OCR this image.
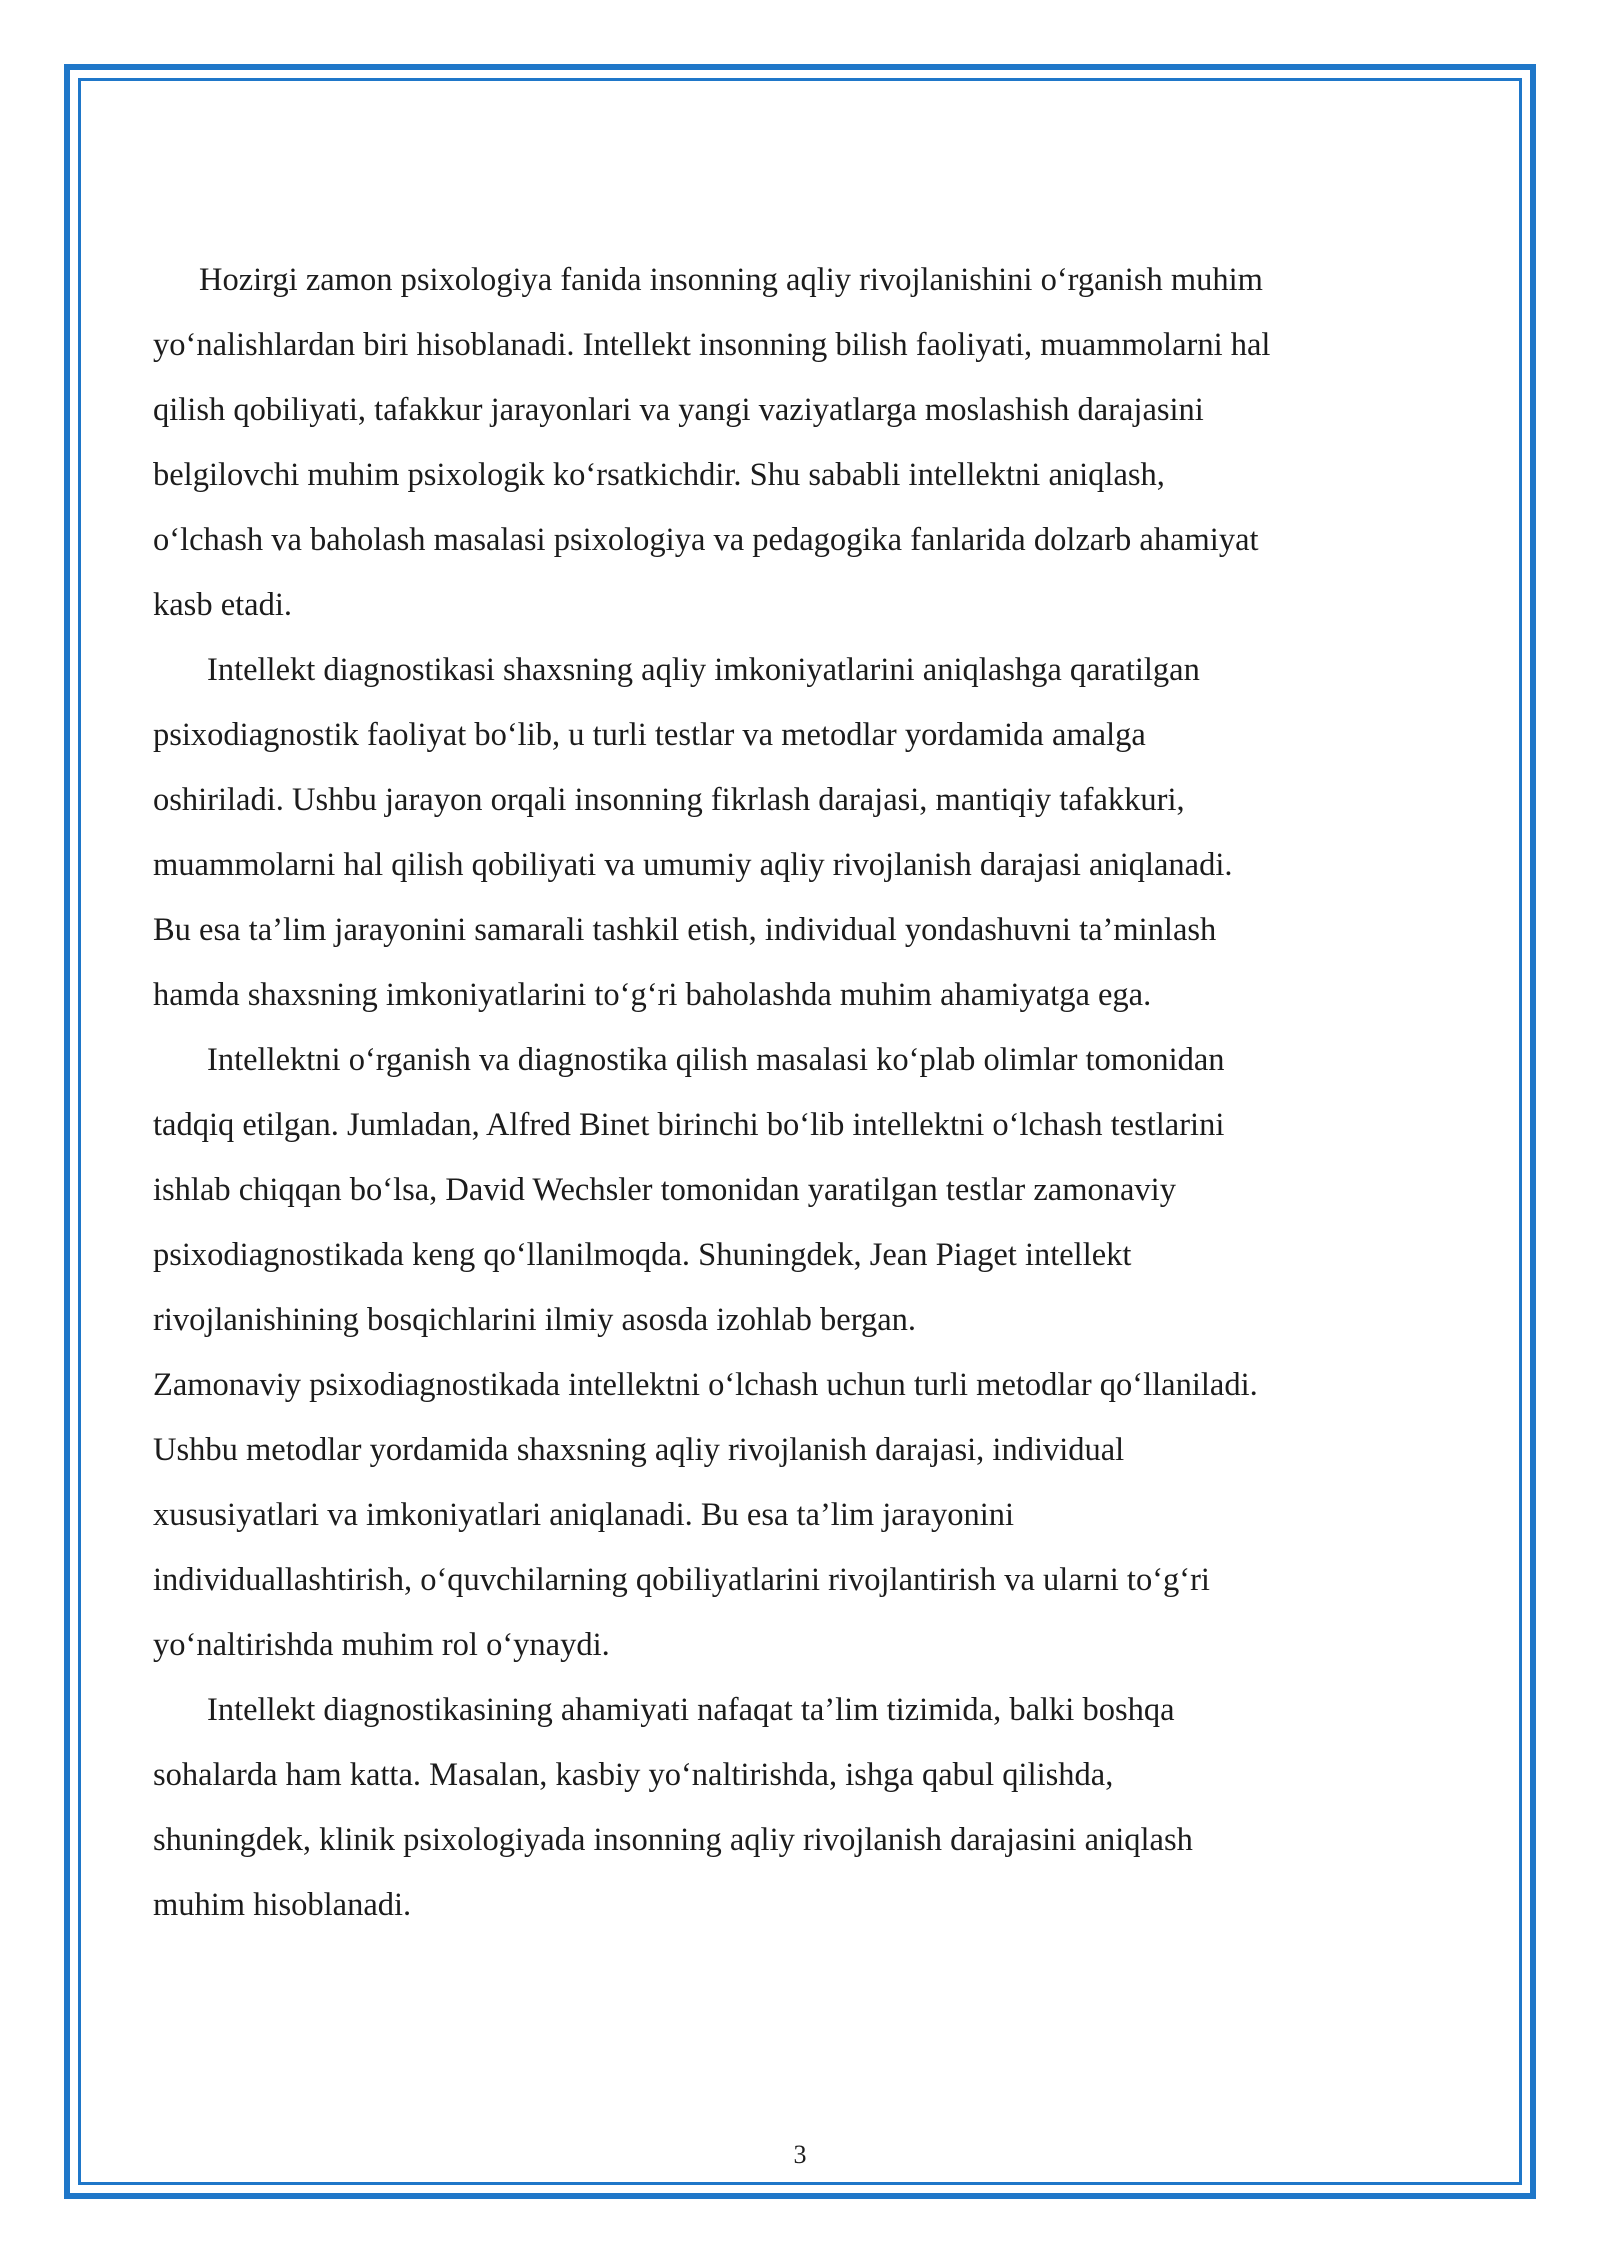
Hozirgi zamon psixologiya fanida insonning aqliy rivojlanishini o‘rganish muhim
yo‘nalishlardan biri hisoblanadi. Intellekt insonning bilish faoliyati, muammolarni hal
qilish qobiliyati, tafakkur jarayonlari va yangi vaziyatlarga moslashish darajasini
belgilovchi muhim psixologik ko‘rsatkichdir. Shu sababli intellektni aniqlash,
o‘lchash va baholash masalasi psixologiya va pedagogika fanlarida dolzarb ahamiyat
kasb etadi.
Intellekt diagnostikasi shaxsning aqliy imkoniyatlarini aniqlashga qaratilgan
psixodiagnostik faoliyat bo‘lib, u turli testlar va metodlar yordamida amalga
oshiriladi. Ushbu jarayon orqali insonning fikrlash darajasi, mantiqiy tafakkuri,
muammolarni hal qilish qobiliyati va umumiy aqliy rivojlanish darajasi aniqlanadi.
Bu esa ta’lim jarayonini samarali tashkil etish, individual yondashuvni ta’minlash
hamda shaxsning imkoniyatlarini to‘g‘ri baholashda muhim ahamiyatga ega.
Intellektni o‘rganish va diagnostika qilish masalasi ko‘plab olimlar tomonidan
tadqiq etilgan. Jumladan, Alfred Binet birinchi bo‘lib intellektni o‘lchash testlarini
ishlab chiqqan bo‘lsa, David Wechsler tomonidan yaratilgan testlar zamonaviy
psixodiagnostikada keng qo‘llanilmoqda. Shuningdek, Jean Piaget intellekt
rivojlanishining bosqichlarini ilmiy asosda izohlab bergan.
Zamonaviy psixodiagnostikada intellektni o‘lchash uchun turli metodlar qo‘llaniladi.
Ushbu metodlar yordamida shaxsning aqliy rivojlanish darajasi, individual
xususiyatlari va imkoniyatlari aniqlanadi. Bu esa ta’lim jarayonini
individuallashtirish, o‘quvchilarning qobiliyatlarini rivojlantirish va ularni to‘g‘ri
yo‘naltirishda muhim rol o‘ynaydi.
Intellekt diagnostikasining ahamiyati nafaqat ta’lim tizimida, balki boshqa
sohalarda ham katta. Masalan, kasbiy yo‘naltirishda, ishga qabul qilishda,
shuningdek, klinik psixologiyada insonning aqliy rivojlanish darajasini aniqlash
muhim hisoblanadi.
3
